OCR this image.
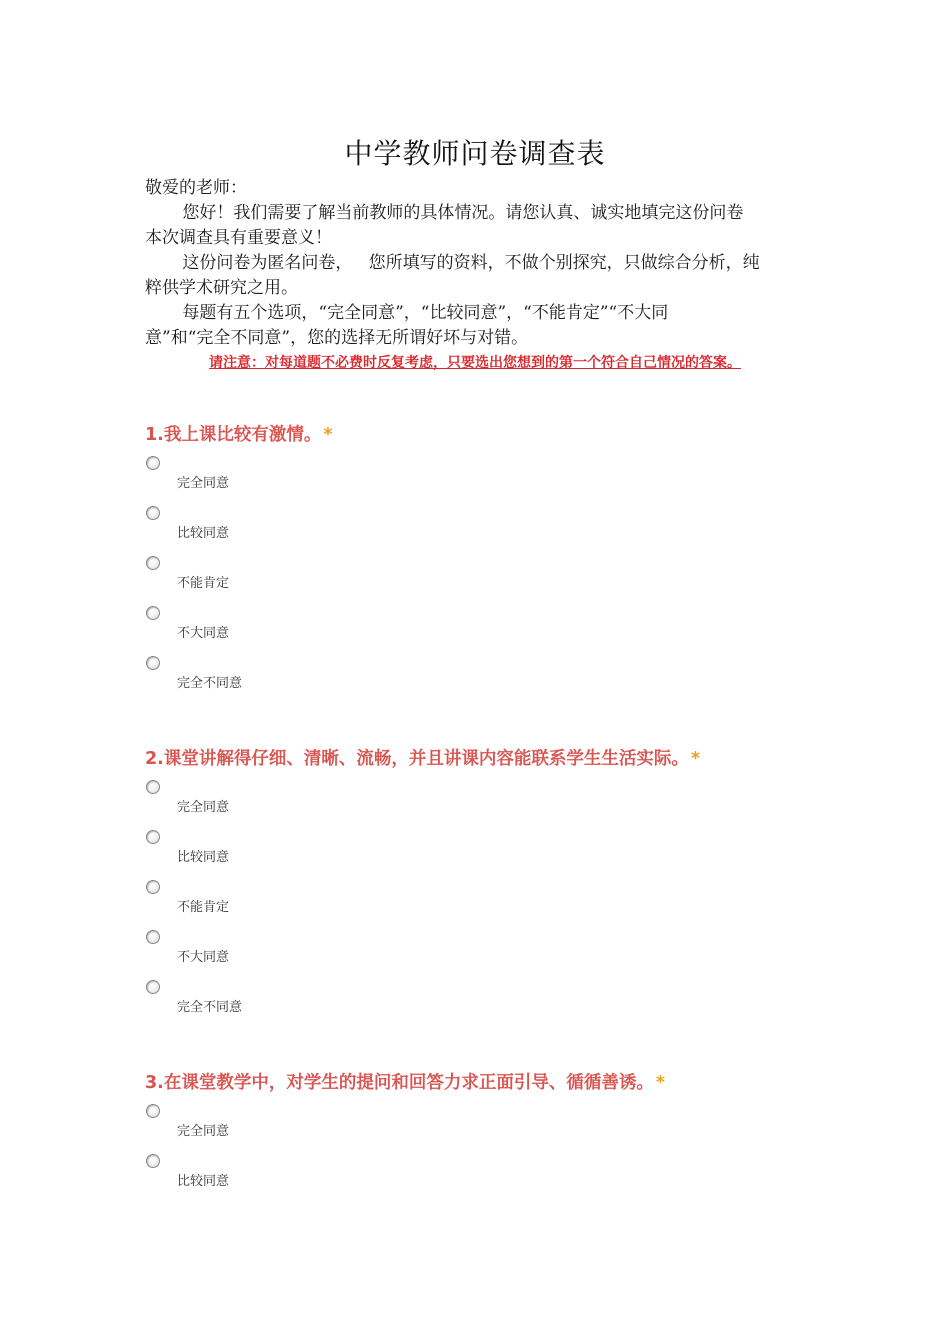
中学教师问卷调查表

敬爱的老师：

您好！我们需要了解当前教师的具体情况。请您认真、诚实地填完这份问卷

本次调查具有重要意义！

这份问卷为匿名问卷，   您所填写的资料，不做个别探究，只做综合分析，纯

粹供学术研究之用。

每题有五个选项，“完全同意”，“比较同意”，“不能肯定”“不大同

意”和“完全不同意”，您的选择无所谓好坏与对错。

请注意：对每道题不必费时反复考虑，只要选出您想到的第一个符合自己情况的答案。
1.我上课比较有激情。 *
完全同意
比较同意
不能肯定
不大同意
完全不同意
2.课堂讲解得仔细、清晰、流畅，并且讲课内容能联系学生生活实际。 *
完全同意
比较同意
不能肯定
不大同意
完全不同意
3.在课堂教学中，对学生的提问和回答力求正面引导、循循善诱。 *
完全同意
比较同意
